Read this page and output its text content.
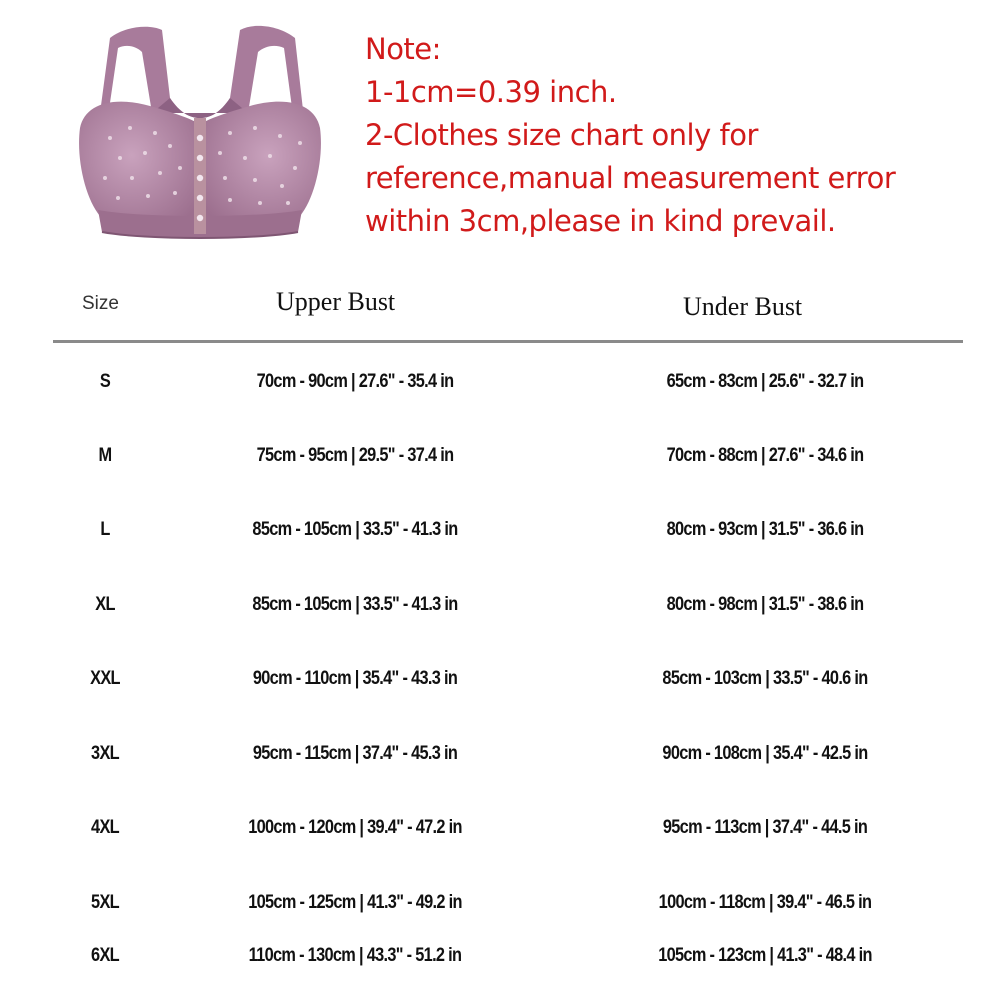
Note:
1-1cm=0.39 inch.
2-Clothes size chart only for
reference,manual measurement error
within 3cm,please in kind prevail.
Size	Upper Bust	Under Bust
S	70cm - 90cm | 27.6" - 35.4 in	65cm - 83cm | 25.6" - 32.7 in
M	75cm - 95cm | 29.5" - 37.4 in	70cm - 88cm | 27.6" - 34.6 in
L	85cm - 105cm | 33.5" - 41.3 in	80cm - 93cm | 31.5" - 36.6 in
XL	85cm - 105cm | 33.5" - 41.3 in	80cm - 98cm | 31.5" - 38.6 in
XXL	90cm - 110cm | 35.4" - 43.3 in	85cm - 103cm | 33.5" - 40.6 in
3XL	95cm - 115cm | 37.4" - 45.3 in	90cm - 108cm | 35.4" - 42.5 in
4XL	100cm - 120cm | 39.4" - 47.2 in	95cm - 113cm | 37.4" - 44.5 in
5XL	105cm - 125cm | 41.3" - 49.2 in	100cm - 118cm | 39.4" - 46.5 in
6XL	110cm - 130cm | 43.3" - 51.2 in	105cm - 123cm | 41.3" - 48.4 in
